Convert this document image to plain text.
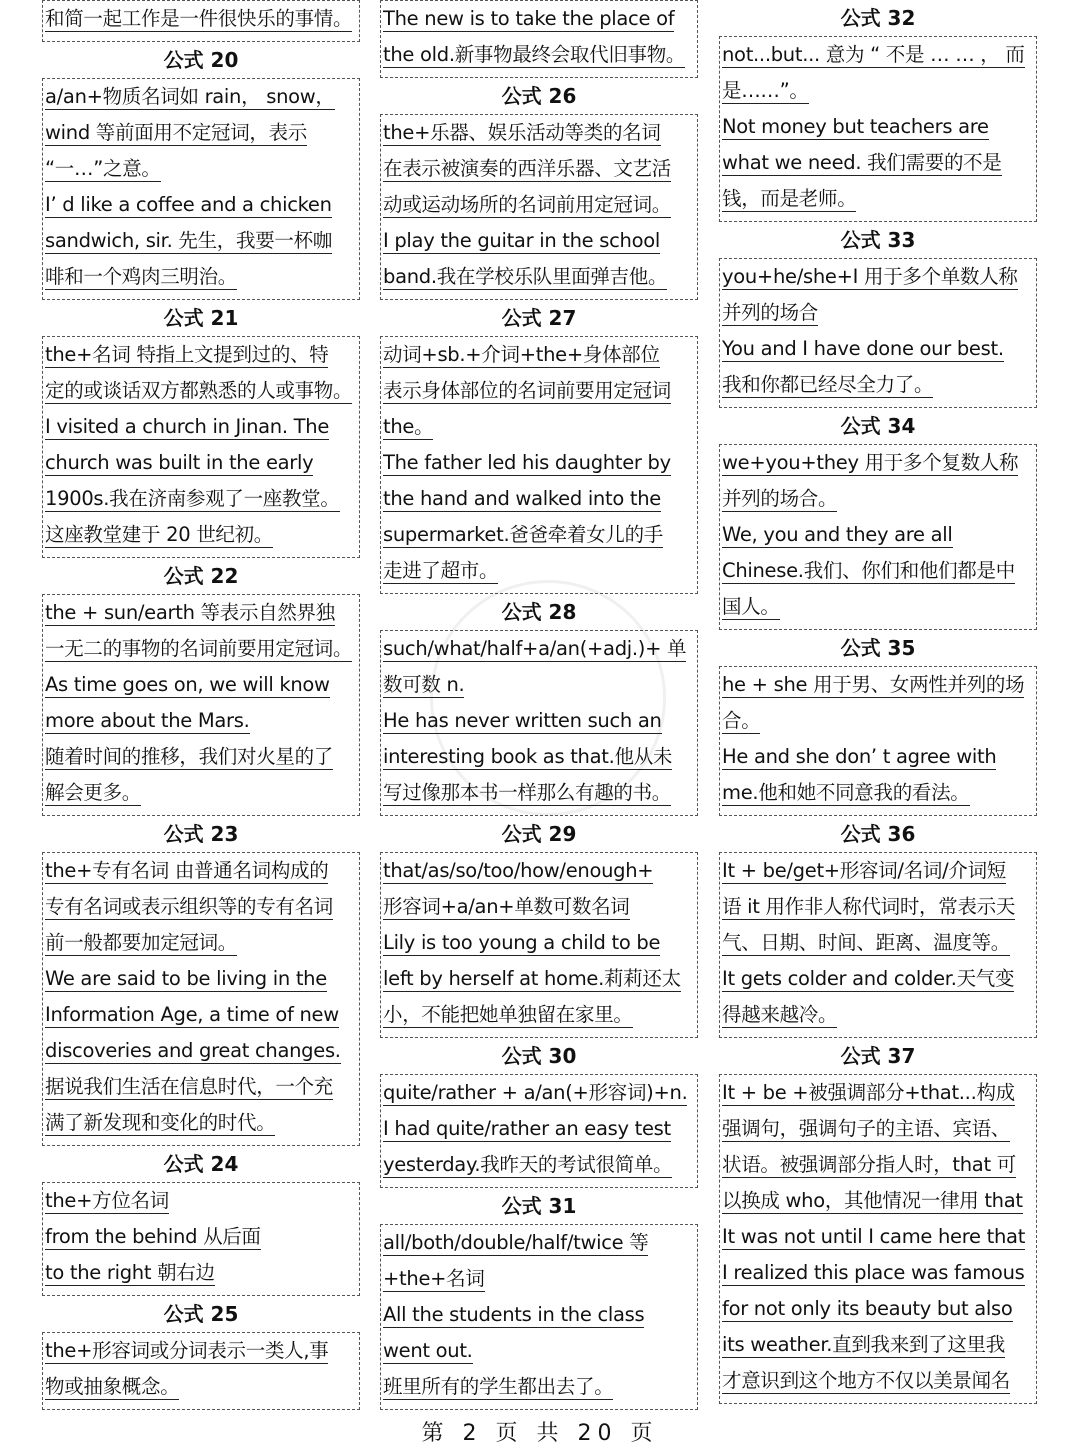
和简一起工作是一件很快乐的事情。
公式 20
a/an+物质名词如 rain， snow，
wind 等前面用不定冠词，表示
“一…”之意。
I’ d like a coffee and a chicken
sandwich, sir. 先生，我要一杯咖
啡和一个鸡肉三明治。
公式 21
the+名词 特指上文提到过的、特
定的或谈话双方都熟悉的人或事物。
I visited a church in Jinan. The
church was built in the early
1900s.我在济南参观了一座教堂。
这座教堂建于 20 世纪初。
公式 22
the + sun/earth 等表示自然界独
一无二的事物的名词前要用定冠词。
As time goes on, we will know
more about the Mars.
随着时间的推移，我们对火星的了
解会更多。
公式 23
the+专有名词 由普通名词构成的
专有名词或表示组织等的专有名词
前一般都要加定冠词。
We are said to be living in the
Information Age, a time of new
discoveries and great changes.
据说我们生活在信息时代，一个充
满了新发现和变化的时代。
公式 24
the+方位名词
from the behind 从后面
to the right 朝右边
公式 25
the+形容词或分词表示一类人,事
物或抽象概念。
The new is to take the place of
the old.新事物最终会取代旧事物。
公式 26
the+乐器、娱乐活动等类的名词
在表示被演奏的西洋乐器、文艺活
动或运动场所的名词前用定冠词。
I play the guitar in the school
band.我在学校乐队里面弹吉他。
公式 27
动词+sb.+介词+the+身体部位
表示身体部位的名词前要用定冠词
the。
The father led his daughter by
the hand and walked into the
supermarket.爸爸牵着女儿的手
走进了超市。
公式 28
such/what/half+a/an(+adj.)+ 单
数可数 n.
He has never written such an
interesting book as that.他从未
写过像那本书一样那么有趣的书。
公式 29
that/as/so/too/how/enough+
形容词+a/an+单数可数名词
Lily is too young a child to be
left by herself at home.莉莉还太
小，不能把她单独留在家里。
公式 30
quite/rather + a/an(+形容词)+n.
I had quite/rather an easy test
yesterday.我昨天的考试很简单。
公式 31
all/both/double/half/twice 等
+the+名词
All the students in the class
went out.
班里所有的学生都出去了。
公式 32
not...but... 意为 “ 不是 … … ， 而
是……”。
Not money but teachers are
what we need. 我们需要的不是
钱，而是老师。
公式 33
you+he/she+I 用于多个单数人称
并列的场合
You and I have done our best.
我和你都已经尽全力了。
公式 34
we+you+they 用于多个复数人称
并列的场合。
We, you and they are all
Chinese.我们、你们和他们都是中
国人。
公式 35
he + she 用于男、女两性并列的场
合。
He and she don’ t agree with
me.他和她不同意我的看法。
公式 36
It + be/get+形容词/名词/介词短
语 it 用作非人称代词时，常表示天
气、日期、时间、距离、温度等。
It gets colder and colder.天气变
得越来越冷。
公式 37
It + be +被强调部分+that...构成
强调句，强调句子的主语、宾语、
状语。被强调部分指人时，that 可
以换成 who，其他情况一律用 that
It was not until I came here that
I realized this place was famous
for not only its beauty but also
its weather.直到我来到了这里我
才意识到这个地方不仅以美景闻名
第 2 页 共 20 页
